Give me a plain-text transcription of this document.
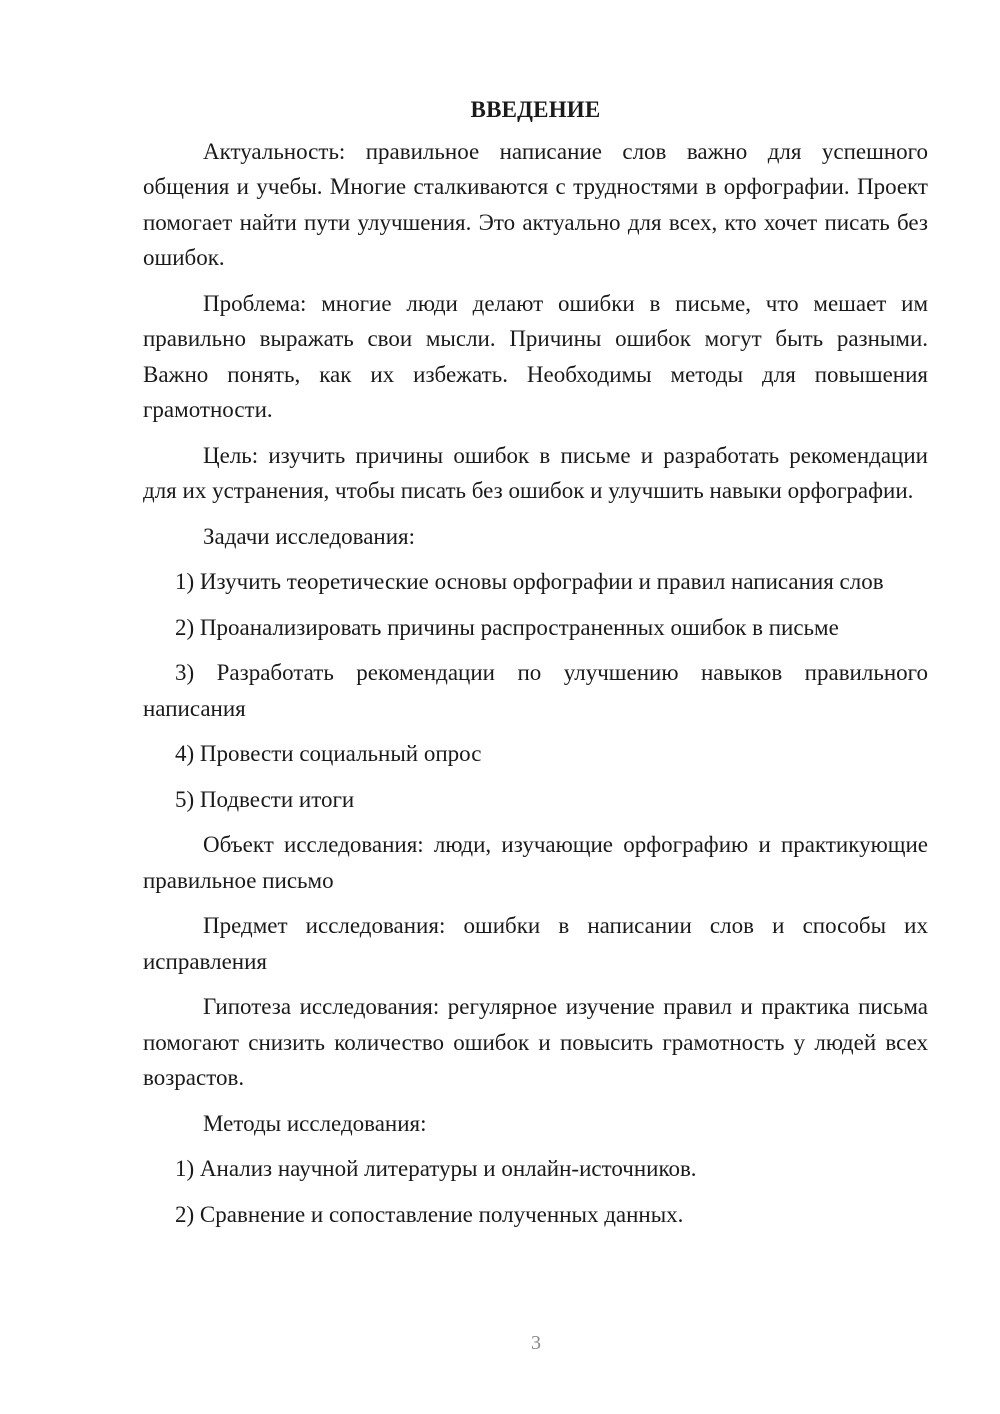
ВВЕДЕНИЕ

Актуальность: правильное написание слов важно для успешного общения и учебы. Многие сталкиваются с трудностями в орфографии. Проект помогает найти пути улучшения. Это актуально для всех, кто хочет писать без ошибок.

Проблема: многие люди делают ошибки в письме, что мешает им правильно выражать свои мысли. Причины ошибок могут быть разными. Важно понять, как их избежать. Необходимы методы для повышения грамотности.

Цель: изучить причины ошибок в письме и разработать рекомендации для их устранения, чтобы писать без ошибок и улучшить навыки орфографии.

Задачи исследования:

1) Изучить теоретические основы орфографии и правил написания слов

2) Проанализировать причины распространенных ошибок в письме

3) Разработать рекомендации по улучшению навыков правильного написания

4) Провести социальный опрос

5) Подвести итоги

Объект исследования: люди, изучающие орфографию и практикующие правильное письмо

Предмет исследования: ошибки в написании слов и способы их исправления

Гипотеза исследования: регулярное изучение правил и практика письма помогают снизить количество ошибок и повысить грамотность у людей всех возрастов.

Методы исследования:

1) Анализ научной литературы и онлайн-источников.

2) Сравнение и сопоставление полученных данных.

3
